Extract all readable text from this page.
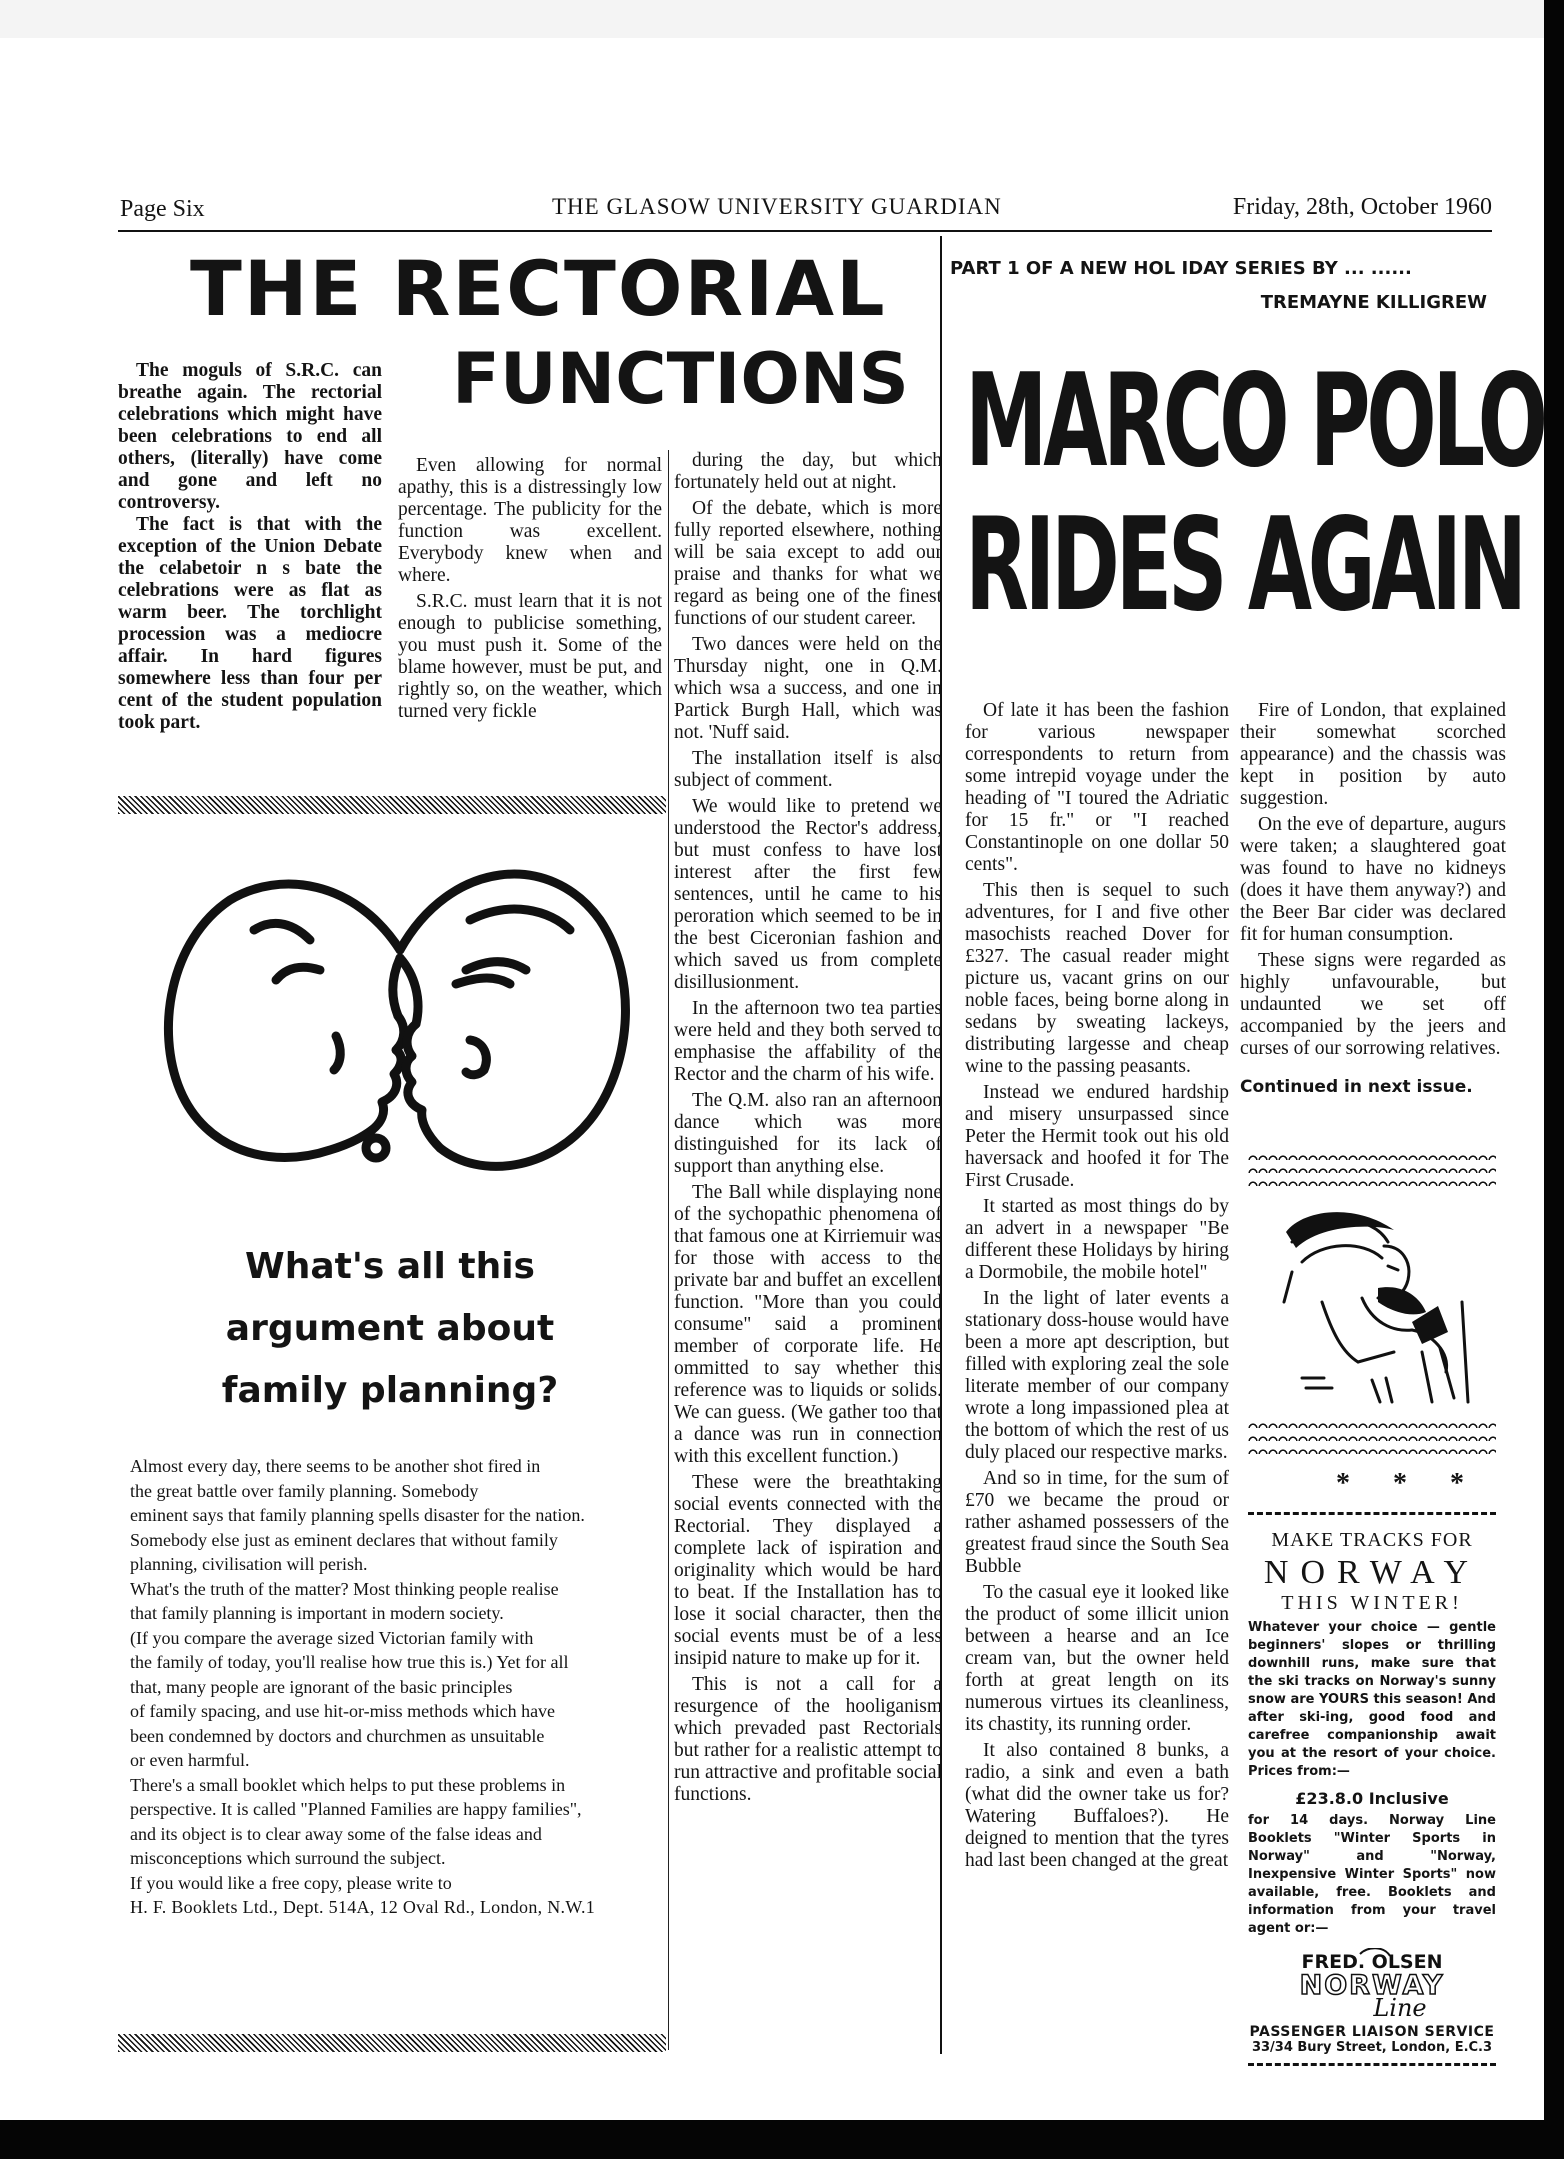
Page Six	THE GLASOW UNIVERSITY GUARDIAN	Friday, 28th, October 1960
THE RECTORIAL
FUNCTIONS

The moguls of S.R.C. can breathe again. The rectorial celebrations which might have been celebrations to end all others, (literally) have come and gone and left no controversy.

The fact is that with the exception of the Union Debate the celabetoir n s bate the celebrations were as flat as warm beer. The torchlight procession was a mediocre affair. In hard figures somewhere less than four per cent of the student population took part.

Even allowing for normal apathy, this is a distressingly low percentage. The publicity for the function was excellent. Everybody knew when and where.

S.R.C. must learn that it is not enough to publicise something, you must push it. Some of the blame however, must be put, and rightly so, on the weather, which turned very fickle

during the day, but which fortunately held out at night.

Of the debate, which is more fully reported elsewhere, nothing will be saia except to add our praise and thanks for what we regard as being one of the finest functions of our student career.

Two dances were held on the Thursday night, one in Q.M. which wsa a success, and one in Partick Burgh Hall, which was not. 'Nuff said.

The installation itself is also subject of comment.

We would like to pretend we understood the Rector's address, but must confess to have lost interest after the first few sentences, until he came to his peroration which seemed to be in the best Ciceronian fashion and which saved us from complete disillusionment.

In the afternoon two tea parties were held and they both served to emphasise the affability of the Rector and the charm of his wife.

The Q.M. also ran an afternoon dance which was more distinguished for its lack of support than anything else.

The Ball while displaying none of the sychopathic phenomena of that famous one at Kirriemuir was for those with access to the private bar and buffet an excellent function. "More than you could consume" said a prominent member of corporate life. He ommitted to say whether this reference was to liquids or solids. We can guess. (We gather too that a dance was run in connection with this excellent function.)

These were the breathtaking social events connected with the Rectorial. They displayed a complete lack of ispiration and originality which would be hard to beat. If the Installation has to lose it social character, then the social events must be of a less insipid nature to make up for it.

This is not a call for a resurgence of the hooliganism which prevaded past Rectorials but rather for a realistic attempt to run attractive and profitable social functions.

What's all this
argument about
family planning?
Almost every day, there seems to be another shot fired in
the great battle over family planning. Somebody
eminent says that family planning spells disaster for the nation.
Somebody else just as eminent declares that without family
planning, civilisation will perish.
What's the truth of the matter? Most thinking people realise
that family planning is important in modern society.
(If you compare the average sized Victorian family with
the family of today, you'll realise how true this is.) Yet for all
that, many people are ignorant of the basic principles
of family spacing, and use hit-or-miss methods which have
been condemned by doctors and churchmen as unsuitable
or even harmful.
There's a small booklet which helps to put these problems in
perspective. It is called "Planned Families are happy families",
and its object is to clear away some of the false ideas and
misconceptions which surround the subject.
If you would like a free copy, please write to
H. F. Booklets Ltd., Dept. 514A, 12 Oval Rd., London, N.W.1
PART 1 OF A NEW HOL IDAY SERIES BY ... ......
TREMAYNE KILLIGREW
MARCO POLO
RIDES AGAIN

Of late it has been the fashion for various newspaper correspondents to return from some intrepid voyage under the heading of "I toured the Adriatic for 15 fr." or "I reached Constantinople on one dollar 50 cents".

This then is sequel to such adventures, for I and five other masochists reached Dover for £327. The casual reader might picture us, vacant grins on our noble faces, being borne along in sedans by sweating lackeys, distributing largesse and cheap wine to the passing peasants.

Instead we endured hardship and misery unsurpassed since Peter the Hermit took out his old haversack and hoofed it for The First Crusade.

It started as most things do by an advert in a newspaper "Be different these Holidays by hiring a Dormobile, the mobile hotel"

In the light of later events a stationary doss-house would have been a more apt description, but filled with exploring zeal the sole literate member of our company wrote a long impassioned plea at the bottom of which the rest of us duly placed our respective marks.

And so in time, for the sum of £70 we became the proud or rather ashamed possessers of the greatest fraud since the South Sea Bubble

To the casual eye it looked like the product of some illicit union between a hearse and an Ice cream van, but the owner held forth at great length on its numerous virtues its cleanliness, its chastity, its running order.

It also contained 8 bunks, a radio, a sink and even a bath (what did the owner take us for? Watering Buffaloes?). He deigned to mention that the tyres had last been changed at the great

Fire of London, that explained their somewhat scorched appearance) and the chassis was kept in position by auto suggestion.

On the eve of departure, augurs were taken; a slaughtered goat was found to have no kidneys (does it have them anyway?) and the Beer Bar cider was declared fit for human consumption.

These signs were regarded as highly unfavourable, but undaunted we set off accompanied by the jeers and curses of our sorrowing relatives.

Continued in next issue.
* * *
MAKE TRACKS FOR
NORWAY
THIS WINTER!
Whatever your choice — gentle beginners' slopes or thrilling downhill runs, make sure that the ski tracks on Norway's sunny snow are YOURS this season! And after ski-ing, good food and carefree companionship await you at the resort of your choice. Prices from:—
£23.8.0 Inclusive
for 14 days. Norway Line Booklets "Winter Sports in Norway" and "Norway, Inexpensive Winter Sports" now available, free. Booklets and information from your travel agent or:—
FRED. OLSEN
NORWAY
Line
PASSENGER LIAISON SERVICE
33/34 Bury Street, London, E.C.3
